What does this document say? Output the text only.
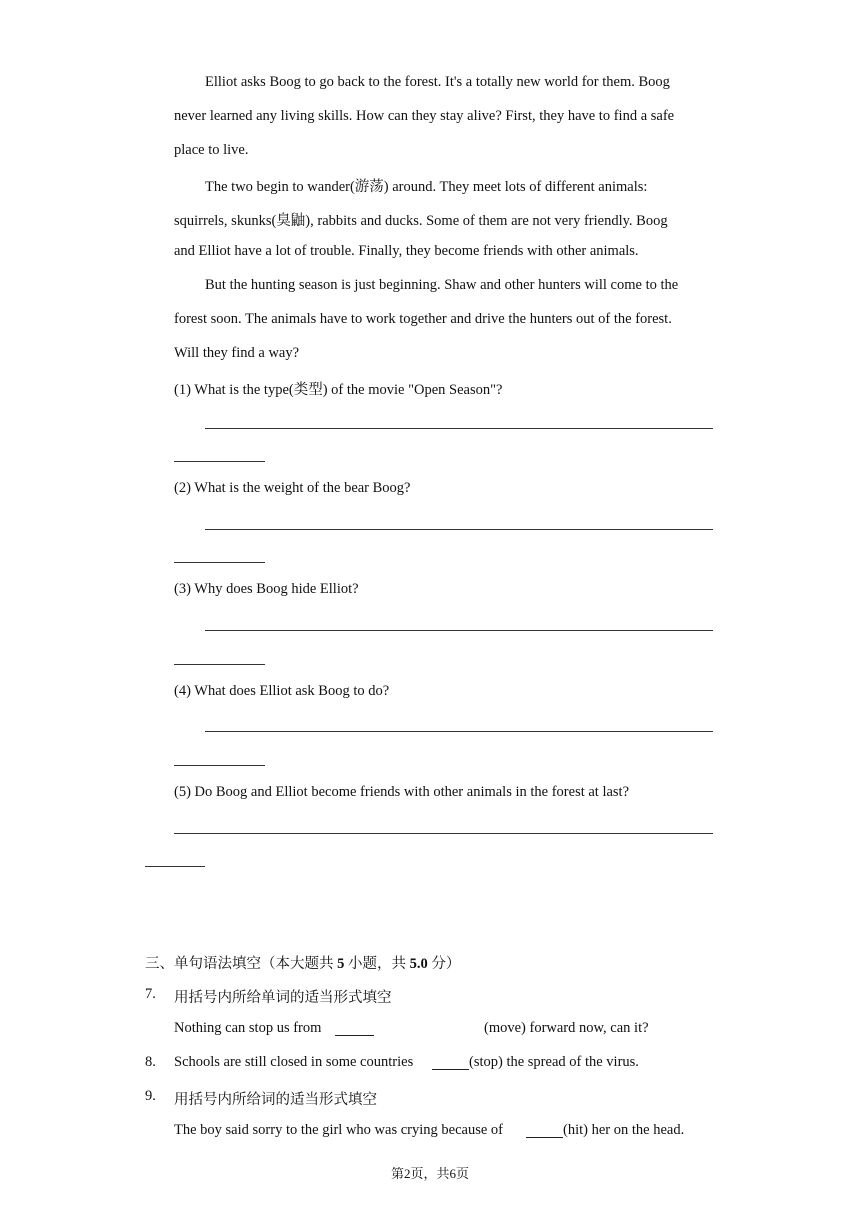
Elliot asks Boog to go back to the forest. It's a totally new world for them. Boog
never learned any living skills. How can they stay alive? First, they have to find a safe
place to live.
The two begin to wander(游荡) around. They meet lots of different animals:
squirrels, skunks(臭鼬), rabbits and ducks. Some of them are not very friendly. Boog
and Elliot have a lot of trouble. Finally, they become friends with other animals.
But the hunting season is just beginning. Shaw and other hunters will come to the
forest soon. The animals have to work together and drive the hunters out of the forest.
Will they find a way?
(1) What is the type(类型) of the movie "Open Season"?
(2) What is the weight of the bear Boog?
(3) Why does Boog hide Elliot?
(4) What does Elliot ask Boog to do?
(5) Do Boog and Elliot become friends with other animals in the forest at last?
三、单句语法填空（本大题共 5 小题，共 5.0 分）
7. 用括号内所给单词的适当形式填空
Nothing can stop us from	(move) forward now, can it?
8. Schools are still closed in some countries	(stop) the spread of the virus.
9. 用括号内所给词的适当形式填空
The boy said sorry to the girl who was crying because of	(hit) her on the head.
第2页，共6页
